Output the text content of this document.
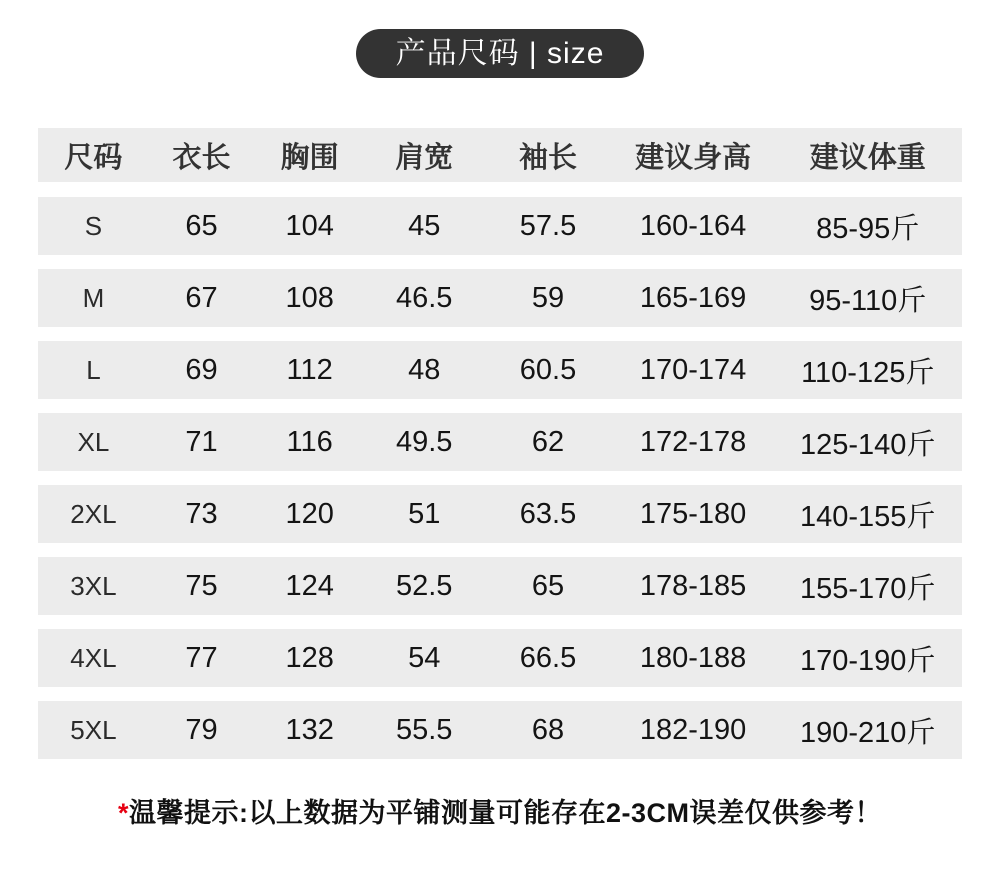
产品尺码 | size
尺码	衣长	胸围	肩宽	袖长	建议身高	建议体重
S	65	104	45	57.5	160-164	85-95斤
M	67	108	46.5	59	165-169	95-110斤
L	69	112	48	60.5	170-174	110-125斤
XL	71	116	49.5	62	172-178	125-140斤
2XL	73	120	51	63.5	175-180	140-155斤
3XL	75	124	52.5	65	178-185	155-170斤
4XL	77	128	54	66.5	180-188	170-190斤
5XL	79	132	55.5	68	182-190	190-210斤
*温馨提示:以上数据为平铺测量可能存在2-3CM误差仅供参考！
